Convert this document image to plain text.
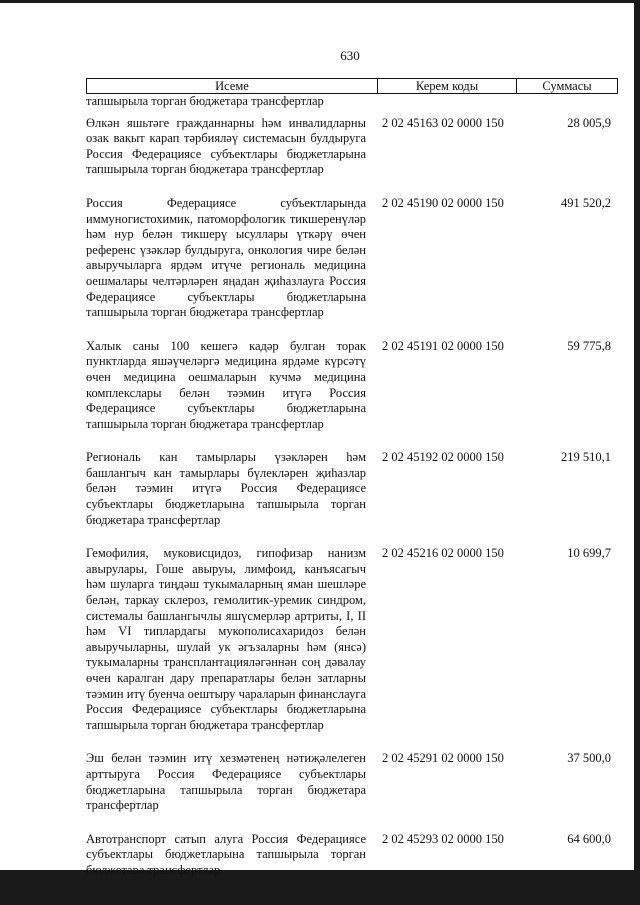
630
Исеме	Керем коды	Суммасы
тапшырыла торган бюджетара трансфертлар
Өлкән яшьтәге гражданнарны һәм инвалидларны озак вакыт карап тәрбияләү системасын булдыруга Россия Федерациясе субъектлары бюджетларына тапшырыла торган бюджетара трансфертлар
2 02 45163 02 0000 150	28 005,9
Россия Федерациясе субъектларында иммуногистохимик, патоморфологик тикшеренүләр һәм нур белән тикшерү ысуллары үткәрү өчен референс үзәкләр булдыруга, онкология чире белән авыручыларга ярдәм итүче региональ медицина оешмалары челтәрләрен яңадан җиһазлауга Россия Федерациясе субъектлары бюджетларына тапшырыла торган бюджетара трансфертлар
2 02 45190 02 0000 150	491 520,2
Халык саны 100 кешегә кадәр булган торак пунктларда яшәүчеләргә медицина ярдәме күрсәтү өчен медицина оешмаларын кучмә медицина комплекслары белән тәэмин итүгә Россия Федерациясе субъектлары бюджетларына тапшырыла торган бюджетара трансфертлар
2 02 45191 02 0000 150	59 775,8
Региональ кан тамырлары үзәкләрен һәм башлангыч кан тамырлары бүлекләрен җиһазлар белән тәэмин итүгә Россия Федерациясе субъектлары бюджетларына тапшырыла торган бюджетара трансфертлар
2 02 45192 02 0000 150	219 510,1
Гемофилия, муковисцидоз, гипофизар нанизм авырулары, Гоше авыруы, лимфоид, канъясагыч һәм шуларга тиңдәш тукымаларның яман шешләре белән, таркау склероз, гемолитик-уремик синдром, системалы башлангычлы яшүсмерләр артриты, I, II һәм VI типлардагы мукополисахаридоз белән авыручыларны, шулай ук әгъзаларны һәм (янсә) тукымаларны трансплантацияләгәннән соң дәвалау өчен каралган дару препаратлары белән затларны тәэмин итү буенча оештыру чараларын финанслауга Россия Федерациясе субъектлары бюджетларына тапшырыла торган бюджетара трансфертлар
2 02 45216 02 0000 150	10 699,7
Эш белән тәэмин итү хезмәтенең нәтиҗәлелеген арттыруга Россия Федерациясе субъектлары бюджетларына тапшырыла торган бюджетара трансфертлар
2 02 45291 02 0000 150	37 500,0
Автотранспорт сатып алуга Россия Федерациясе субъектлары бюджетларына тапшырыла торган бюджетара трансфертлар
2 02 45293 02 0000 150	64 600,0
